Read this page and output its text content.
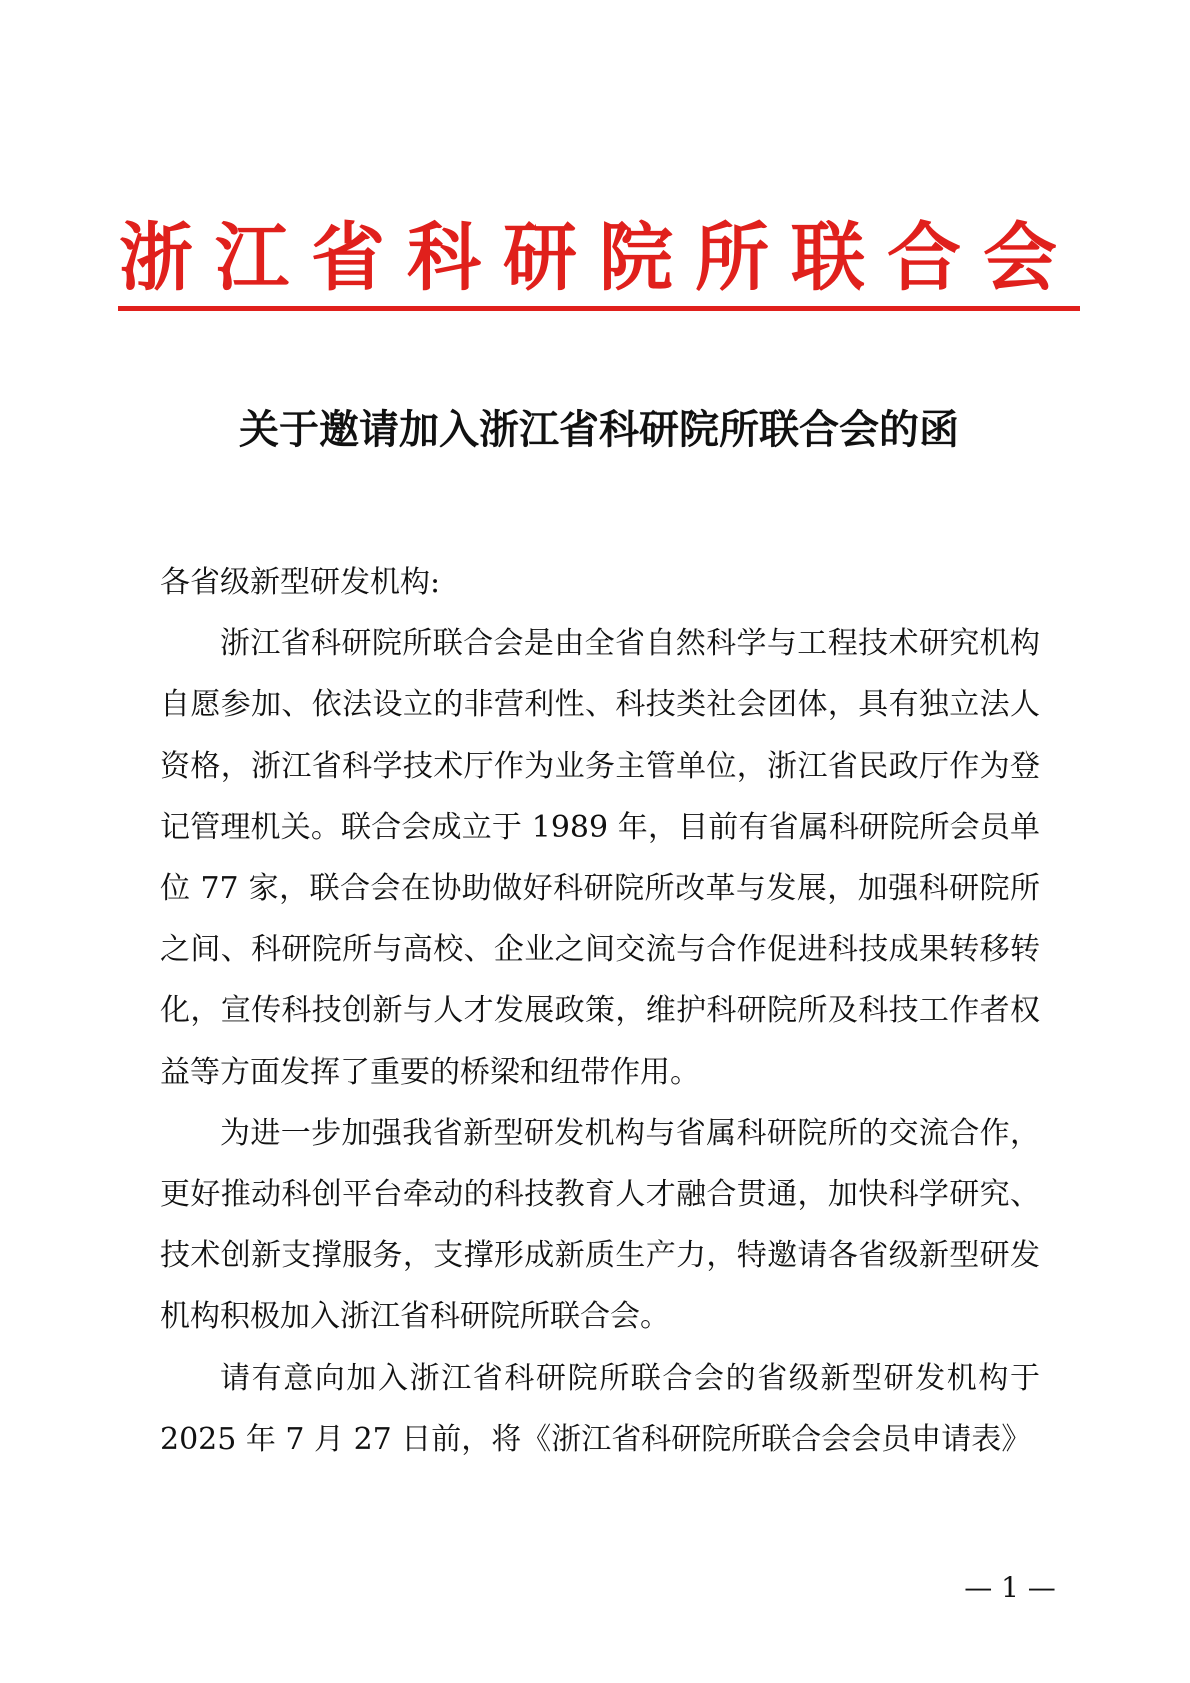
浙江省科研院所联合会
关于邀请加入浙江省科研院所联合会的函

各省级新型研发机构:

浙江省科研院所联合会是由全省自然科学与工程技术研究机构自愿参加、依法设立的非营利性、科技类社会团体，具有独立法人资格，浙江省科学技术厅作为业务主管单位，浙江省民政厅作为登记管理机关。联合会成立于 1989 年，目前有省属科研院所会员单位 77 家，联合会在协助做好科研院所改革与发展，加强科研院所之间、科研院所与高校、企业之间交流与合作促进科技成果转移转化，宣传科技创新与人才发展政策，维护科研院所及科技工作者权益等方面发挥了重要的桥梁和纽带作用。

为进一步加强我省新型研发机构与省属科研院所的交流合作，更好推动科创平台牵动的科技教育人才融合贯通，加快科学研究、技术创新支撑服务，支撑形成新质生产力，特邀请各省级新型研发机构积极加入浙江省科研院所联合会。

请有意向加入浙江省科研院所联合会的省级新型研发机构于 2025 年 7 月 27 日前，将《浙江省科研院所联合会会员申请表》

— 1 —
